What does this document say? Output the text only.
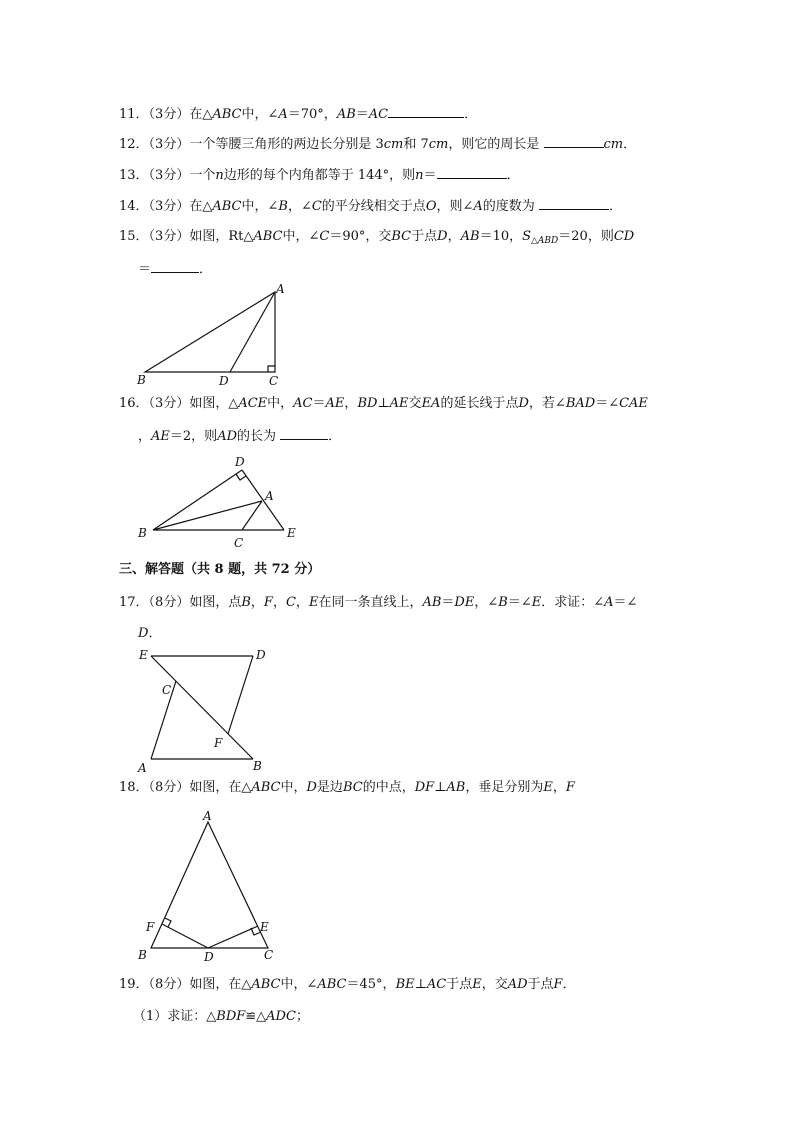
11．（3分）在△ABC中，∠A＝70°，AB＝AC	．
12．（3分）一个等腰三角形的两边长分别是 3cm和 7cm，则它的周长是	cm．
13．（3分）一个n边形的每个内角都等于 144°，则n＝	．
14．（3分）在△ABC中，∠B，∠C的平分线相交于点O，则∠A的度数为	．
15．（3分）如图，Rt△ABC中，∠C＝90°，交BC于点D，AB＝10，$S_{\triangle ABD}=20$，则CD
＝	．
A
B	D	C
16．（3分）如图，△ACE中，AC＝AE，BD⊥AE交EA的延长线于点D，若∠BAD＝∠CAE
，AE＝2，则AD的长为	．
D
A
B
C
E
三、解答题（共 8 题，共 72 分）
17．（8分）如图，点B，F，C，E在同一条直线上，AB＝DE，∠B＝∠E．求证：∠A＝∠
D．
E	D
C
F
A	B
18．（8分）如图，在△ABC中，D是边BC的中点，DF⊥AB，垂足分别为E，F
A
F	E
B	D	C
19．（8分）如图，在△ABC中，∠ABC＝45°，BE⊥AC于点E，交AD于点F．
（1）求证：△BDF≌△ADC；
